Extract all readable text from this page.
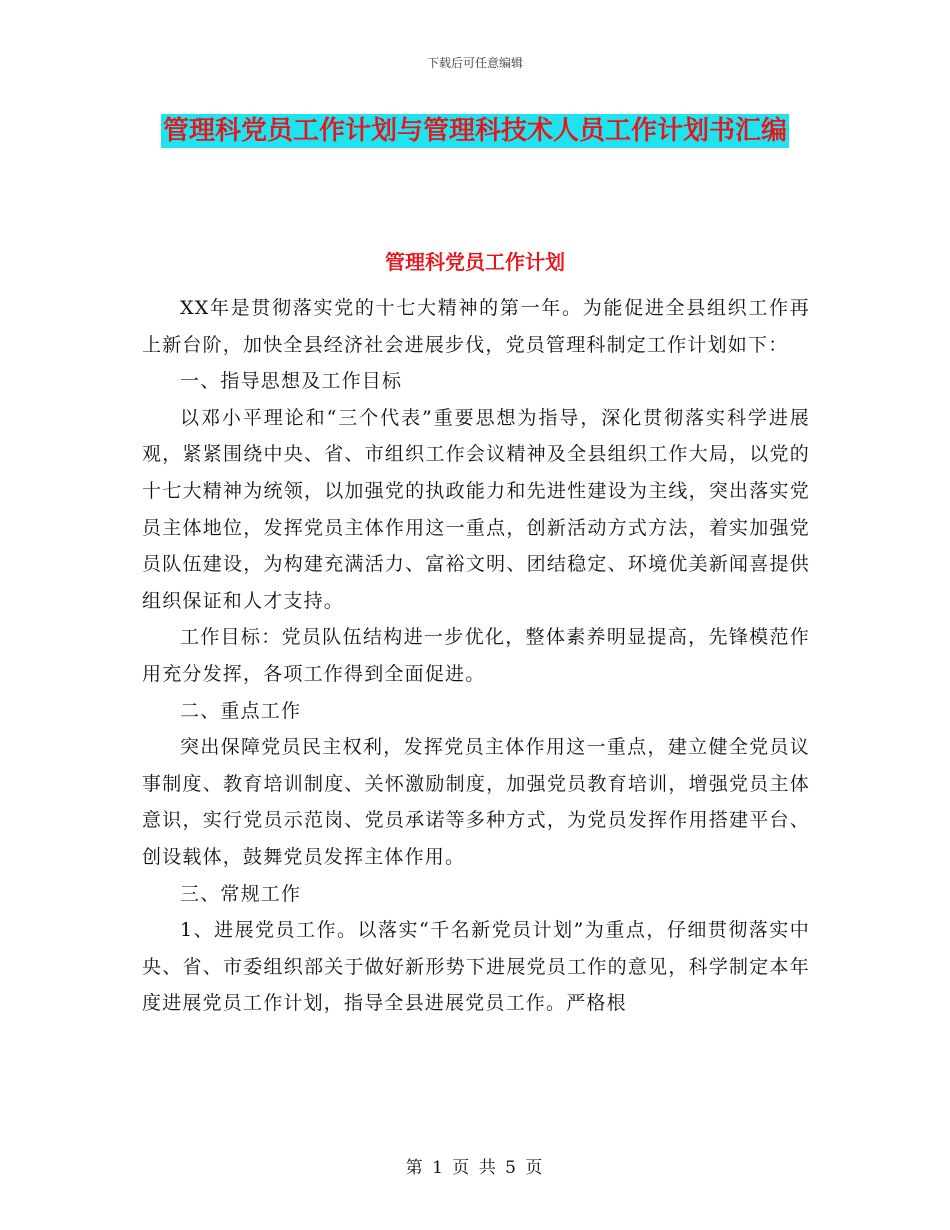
下载后可任意编辑
管理科党员工作计划与管理科技术人员工作计划书汇编
管理科党员工作计划

XX年是贯彻落实党的十七大精神的第一年。为能促进全县组织工作再上新台阶，加快全县经济社会进展步伐，党员管理科制定工作计划如下：

一、指导思想及工作目标

以邓小平理论和“三个代表”重要思想为指导，深化贯彻落实科学进展观，紧紧围绕中央、省、市组织工作会议精神及全县组织工作大局，以党的十七大精神为统领，以加强党的执政能力和先进性建设为主线，突出落实党员主体地位，发挥党员主体作用这一重点，创新活动方式方法，着实加强党员队伍建设，为构建充满活力、富裕文明、团结稳定、环境优美新闻喜提供组织保证和人才支持。

工作目标：党员队伍结构进一步优化，整体素养明显提高，先锋模范作用充分发挥，各项工作得到全面促进。

二、重点工作

突出保障党员民主权利，发挥党员主体作用这一重点，建立健全党员议事制度、教育培训制度、关怀激励制度，加强党员教育培训，增强党员主体意识，实行党员示范岗、党员承诺等多种方式，为党员发挥作用搭建平台、创设载体，鼓舞党员发挥主体作用。

三、常规工作

1、进展党员工作。以落实“千名新党员计划”为重点，仔细贯彻落实中央、省、市委组织部关于做好新形势下进展党员工作的意见，科学制定本年度进展党员工作计划，指导全县进展党员工作。严格根

第 1 页 共 5 页
